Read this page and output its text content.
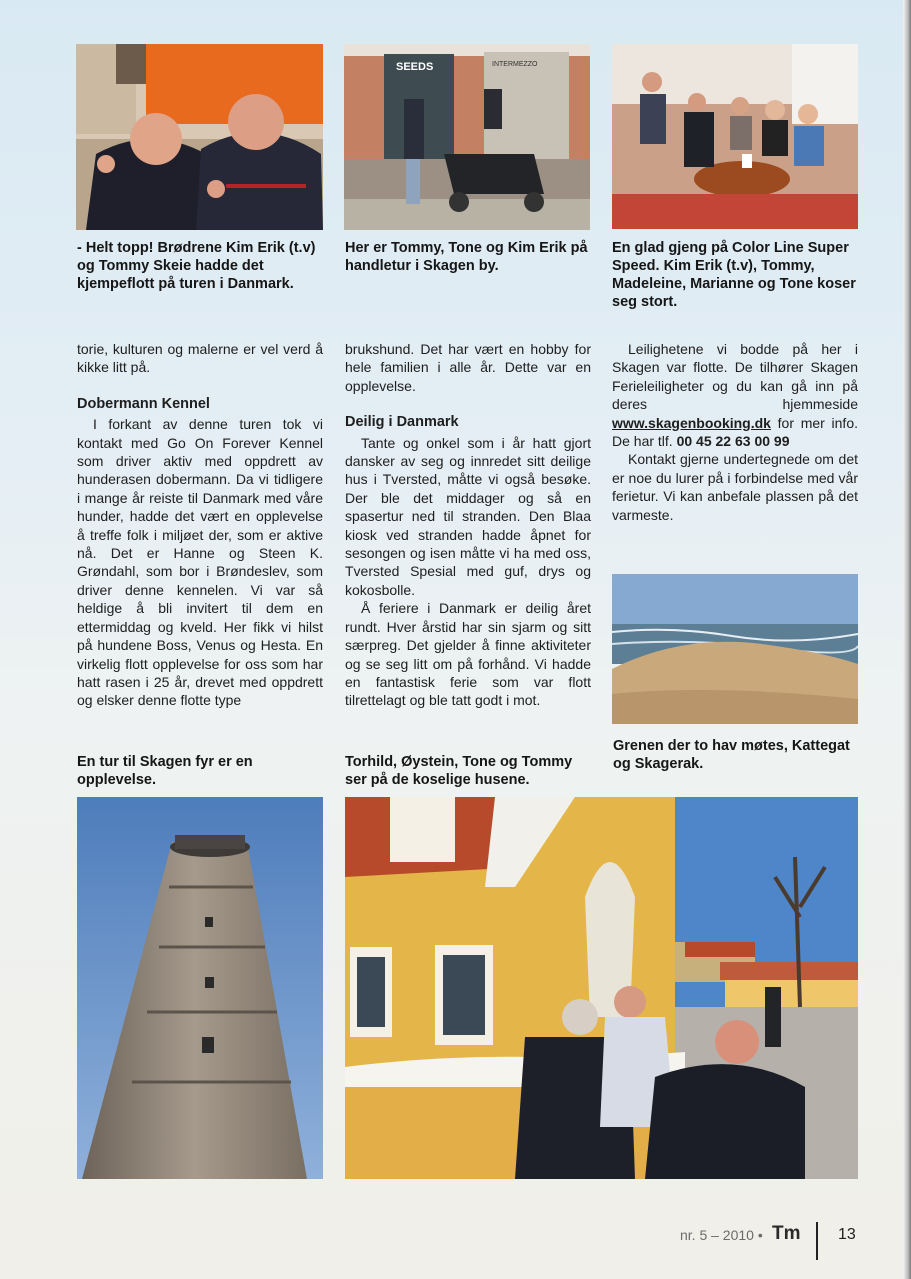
SEEDS	INTERMEZZO
- Helt topp! Brødrene Kim Erik (t.v) og Tommy Skeie hadde det kjempeflott på turen i Danmark.
Her er Tommy, Tone og Kim Erik på handletur i Skagen by.
En glad gjeng på Color Line Super Speed. Kim Erik (t.v), Tommy, Madeleine, Marianne og Tone koser seg stort.

torie, kulturen og malerne er vel verd å kikke litt på.

Dobermann Kennel

I forkant av denne turen tok vi kontakt med Go On Forever Kennel som driver aktiv med oppdrett av hunderasen dobermann. Da vi tidligere i mange år reiste til Danmark med våre hunder, hadde det vært en opplevelse å treffe folk i miljøet der, som er aktive nå. Det er Hanne og Steen K. Grøndahl, som bor i Brøndeslev, som driver denne kennelen. Vi var så heldige å bli invitert til dem en ettermiddag og kveld. Her fikk vi hilst på hundene Boss, Venus og Hesta. En virkelig flott opplevelse for oss som har hatt rasen i 25 år, drevet med oppdrett og elsker denne flotte type

brukshund. Det har vært en hobby for hele familien i alle år. Dette var en opplevelse.

Deilig i Danmark

Tante og onkel som i år hatt gjort dansker av seg og innredet sitt deilige hus i Tversted, måtte vi også besøke. Der ble det middager og så en spasertur ned til stranden. Den Blaa kiosk ved stranden hadde åpnet for sesongen og isen måtte vi ha med oss, Tversted Spesial med guf, drys og kokosbolle.

Å feriere i Danmark er deilig året rundt. Hver årstid har sin sjarm og sitt særpreg. Det gjelder å finne aktiviteter og se seg litt om på forhånd. Vi hadde en fantastisk ferie som var flott tilrettelagt og ble tatt godt i mot.

Leilighetene vi bodde på her i Skagen var flotte. De tilhører Skagen Ferieleiligheter og du kan gå inn på deres hjemmeside www.skagenbooking.dk for mer info. De har tlf. 00 45 22 63 00 99

Kontakt gjerne undertegnede om det er noe du lurer på i forbindelse med vår ferietur. Vi kan anbefale plassen på det varmeste.

Grenen der to hav møtes, Kattegat og Skagerak.
En tur til Skagen fyr er en opplevelse.
Torhild, Øystein, Tone og Tommy ser på de koselige husene.
nr. 5 – 2010 • Tm 13
